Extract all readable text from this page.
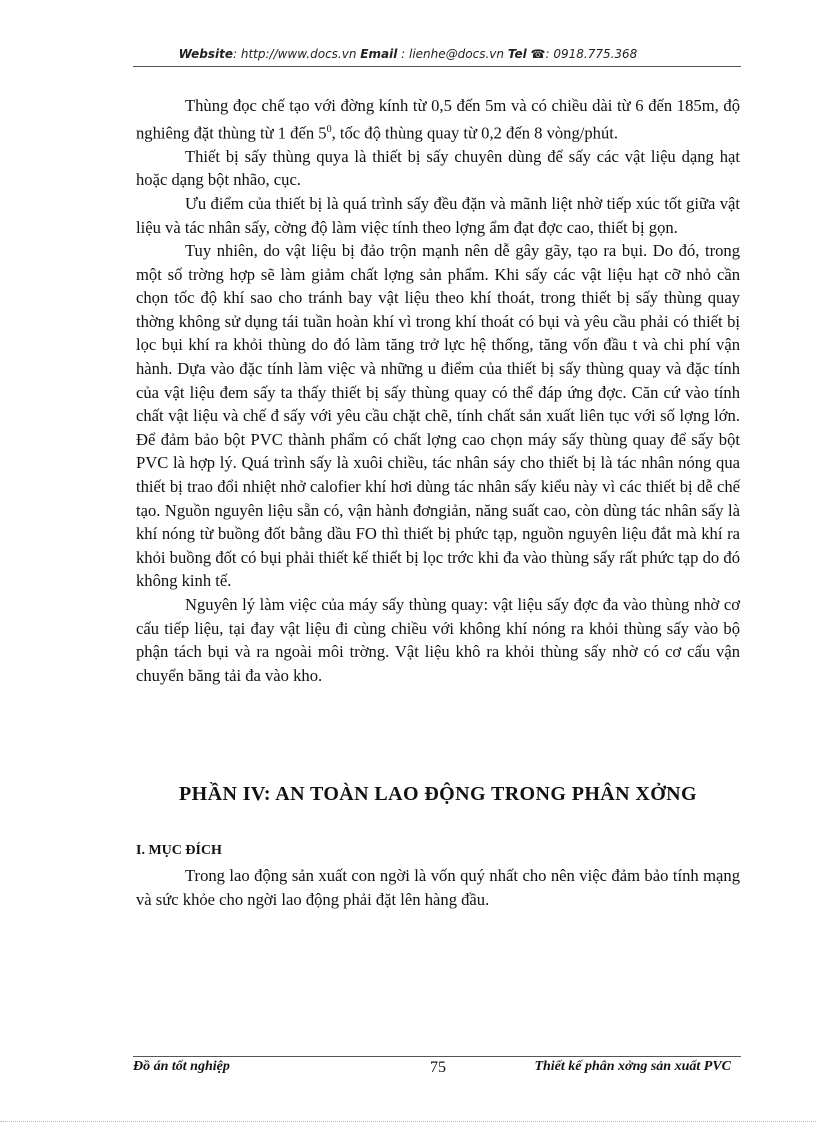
Website: http://www.docs.vn Email : lienhe@docs.vn Tel ☎: 0918.775.368

Thùng đọc chế tạo với đờng kính từ 0,5 đến 5m và có chiều dài từ 6 đến 185m, độ nghiêng đặt thùng từ 1 đến $5^0$, tốc độ thùng quay từ 0,2 đến 8 vòng/phút.

Thiết bị sấy thùng quya là thiết bị sấy chuyên dùng để sấy các vật liệu dạng hạt hoặc dạng bột nhão, cục.

Ưu điểm của thiết bị là quá trình sấy đều đặn và mãnh liệt nhờ tiếp xúc tốt giữa vật liệu và tác nhân sấy, cờng độ làm việc tính theo lợng ẩm đạt đợc cao, thiết bị gọn.

Tuy nhiên, do vật liệu bị đảo trộn mạnh nên dễ gây gãy, tạo ra bụi. Do đó, trong một số trờng hợp sẽ làm giảm chất lợng sản phẩm. Khi sấy các vật liệu hạt cỡ nhỏ cần chọn tốc độ khí sao cho tránh bay vật liệu theo khí thoát, trong thiết bị sấy thùng quay thờng không sử dụng tái tuần hoàn khí vì trong khí thoát có bụi và yêu cầu phải có thiết bị lọc bụi khí ra khỏi thùng do đó làm tăng trở lực hệ thống, tăng vốn đầu t và chi phí vận hành. Dựa vào đặc tính làm việc và những u điểm của thiết bị sấy thùng quay và đặc tính của vật liệu đem sấy ta thấy thiết bị sấy thùng quay có thể đáp ứng đợc. Căn cứ vào tính chất vật liệu và chế đ sấy với yêu cầu chặt chẽ, tính chất sản xuất liên tục với số lợng lớn. Để đảm bảo bột PVC thành phẩm có chất lợng cao chọn máy sấy thùng quay để sấy bột PVC là hợp lý. Quá trình sấy là xuôi chiều, tác nhân sáy cho thiết bị là tác nhân nóng qua thiết bị trao đổi nhiệt nhở calofier khí hơi dùng tác nhân sấy kiểu này vì các thiết bị dễ chế tạo. Nguồn nguyên liệu sẵn có, vận hành đơngiản, năng suất cao, còn dùng tác nhân sấy là khí nóng từ buồng đốt bằng dầu FO thì thiết bị phức tạp, nguồn nguyên liệu đắt mà khí ra khỏi buồng đốt có bụi phải thiết kế thiết bị lọc trớc khi đa vào thùng sấy rất phức tạp do đó không kinh tế.

Nguyên lý làm việc của máy sấy thùng quay: vật liệu sấy đợc đa vào thùng nhờ cơ cấu tiếp liệu, tại đay vật liệu đi cùng chiều với không khí nóng ra khỏi thùng sấy vào bộ phận tách bụi và ra ngoài môi trờng. Vật liệu khô ra khỏi thùng sấy nhờ có cơ cấu vận chuyển băng tải đa vào kho.

PHẦN IV: AN TOÀN LAO ĐỘNG TRONG PHÂN XỞNG
I. MỤC ĐÍCH

Trong lao động sản xuất con ngời là vốn quý nhất cho nên việc đảm bảo tính mạng và sức khỏe cho ngời lao động phải đặt lên hàng đầu.

Đồ án tốt nghiệp	75	Thiết kế phân xởng sản xuất PVC
